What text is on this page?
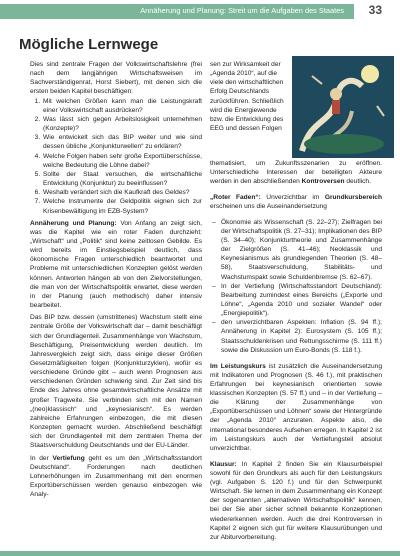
Annäherung und Planung: Streit um die Aufgaben des Staates 33
Mögliche Lernwege

Dies sind zentrale Fragen der Volkswirtschaftslehre (frei nach dem langjährigen Wirtschaftsweisen im Sachverständigenrat, Horst Siebert), mit denen sich die ersten beiden Kapitel beschäftigen:

1. Mit welchen Größen kann man die Leistungskraft einer Volkswirtschaft ausdrücken?
2. Was lässt sich gegen Arbeitslosigkeit unternehmen (Konzepte)?
3. Wie entwickelt sich das BIP weiter und wie sind dessen übliche „Konjunkturwellen“ zu erklären?
4. Welche Folgen haben sehr große Exportüberschüsse, welche Bedeutung die Löhne dabei?
5. Sollte der Staat versuchen, die wirtschaftliche Entwicklung (Konjunktur) zu beeinflussen?
6. Weshalb verändert sich die Kaufkraft des Geldes?
7. Welche Instrumente der Geldpolitik eignen sich zur Krisenbewältigung im EZB-System?

Annäherung und Planung: Von Anfang an zeigt sich, was die Kapitel wie ein roter Faden durchzieht: „Wirtschaft“ und „Politik“ sind keine zeitlosen Gebilde. Es wird bereits im Einstiegsbeispiel deutlich, dass ökonomische Fragen unterschiedlich beantwortet und Probleme mit unterschiedlichen Konzepten gelöst werden können. Antworten hängen ab von den Zielvorstellungen, die man von der Wirtschaftspolitik erwartet, diese werden in der Planung (auch methodisch) daher intensiv bearbeitet.

Das BIP bzw. dessen (umstrittenes) Wachstum stellt eine zentrale Größe der Volkswirtschaft dar – damit beschäftigt sich der Grundlagenteil. Zusammenhänge von Wachstum, Beschäftigung, Preisentwicklung werden deutlich. Im Jahresvergleich zeigt sich, dass einige dieser Größen Gesetzmäßigkeiten folgen (Konjunkturzyklen), wofür es verschiedene Gründe gibt – auch wenn Prognosen aus verschiedenen Gründen schwierig sind. Zur Zeit sind bis Ende des Jahres ohne gesamtwirtschaftliche Ansätze mit großer Tragweite. Sie verbinden sich mit den Namen „(neo)klassisch“ und „keynesianisch“. Es werden zahlreiche Erfahrungen einbezogen, die mit diesen Konzepten gemacht wurden. Abschließend beschäftigt sich der Grundlagenteil mit dem zentralen Thema der Staatsverschuldung Deutschlands und der EU-Länder.

In der Vertiefung geht es um den „Wirtschaftsstandort Deutschland“. Forderungen nach deutlichen Lohnerhöhungen im Zusammenhang mit den enormen Exportüberschüssen werden genauso einbezogen wie Analy-

sen zur Wirksamkeit der „Agenda 2010“, auf die viele den wirtschaftlichen Erfolg Deutschlands zurückführen. Schließlich wird die Energiewende bzw. die Entwicklung des EEG und dessen Folgen

thematisiert, um Zukunftsszenarien zu eröffnen. Unterschiedliche Interessen der beteiligten Akteure werden in den abschließenden Kontroversen deutlich.

„Roter Faden“: Unverzichtbar im Grundkursbereich erscheinen uns die Auseinandersetzung

– Ökonomie als Wissenschaft (S. 22–27); Zielfragen bei der Wirtschaftspolitik (S. 27–31); Implikationen des BIP (S. 34–40); Konjunkturtheorie und Zusammenhänge der Zielgrößen (S. 41–46); Neoklassik und Keynesianismus als grundlegenden Theorien (S. 48–58), Staatsverschuldung, Stabilitäts- und Wachstumspakt sowie Schuldenbremse (S. 62–67).
– In der Vertiefung (Wirtschaftsstandort Deutschland): Bearbeitung zumindest eines Bereichs („Exporte und Löhne“, „Agenda 2010 und sozialer Wandel“ oder „Energiepolitik“).
– den unverzichtbaren Aspekten: Inflation (S. 94 ff.); Annäherung in Kapitel 2): Eurosystem (S. 105 ff.); Staatsschuldenkrisen und Rettungsschirme (S. 111 ff.) sowie die Diskussion um Euro-Bonds (S. 118 f.).

Im Leistungskurs ist zusätzlich die Auseinandersetzung mit Indikatoren und Prognosen (S. 46 f.), mit praktischen Erfahrungen bei keynesianisch orientierten sowie klassischen Konzepten (S. 57 ff.) und – in der Vertiefung – die Klärung der Zusammenhänge von „Exportüberschüssen und Löhnen“ sowie der Hintergründe der „Agenda 2010“ anzuraten. Aspekte also, die international besonderes Aufsehen erregen. In Kapitel 2 ist im Leistungskurs auch der Vertiefungsteil absolut unverzichtbar.

Klausur: In Kapitel 2 finden Sie ein Klausurbeispiel sowohl für den Grundkurs als auch für den Leistungskurs (vgl. Aufgaben S. 120 f.) und für den Schwerpunkt Wirtschaft. Sie lernen in dem Zusammenhang ein Konzept der sogenannten „alternativen Wirtschaftspolitik“ kennen, bei der Sie aber sicher schnell bekannte Konzeptionen wiedererkennen werden. Auch die drei Kontroversen in Kapitel 2 eignen sich gut für weitere Klausurübungen und zur Abiturvorbereitung.
